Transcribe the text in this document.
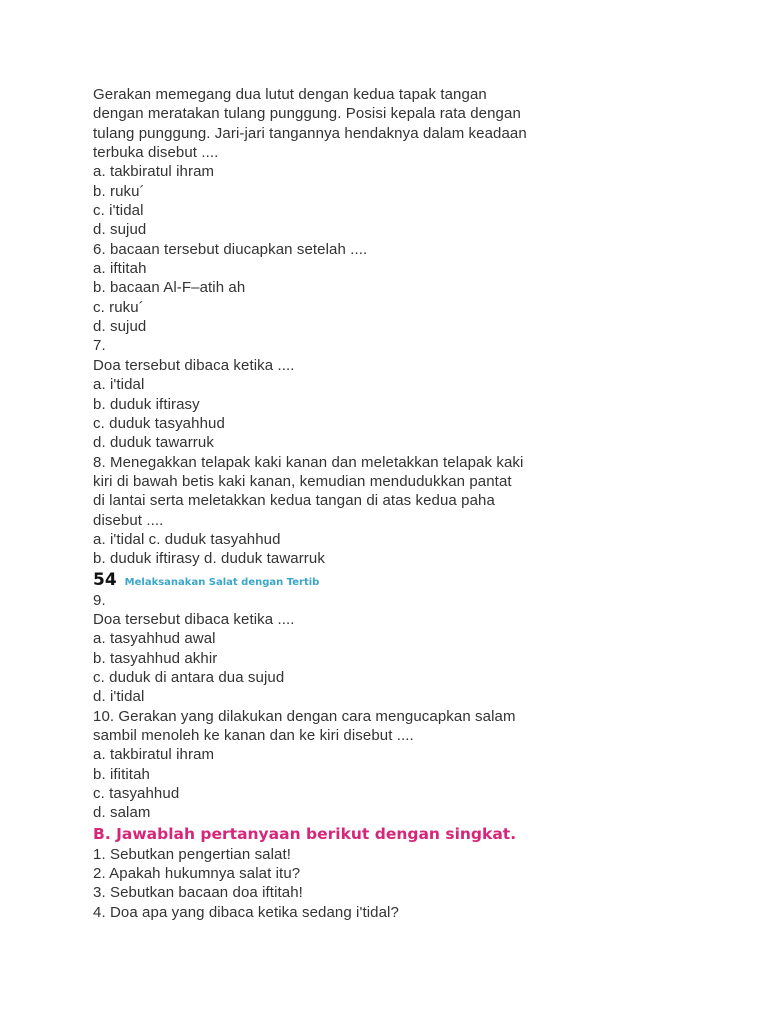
Gerakan memegang dua lutut dengan kedua tapak tangan
dengan meratakan tulang punggung. Posisi kepala rata dengan
tulang punggung. Jari-jari tangannya hendaknya dalam keadaan
terbuka disebut ....
a. takbiratul ihram
b. ruku´
c. i'tidal
d. sujud
6. bacaan tersebut diucapkan setelah ....
a. iftitah
b. bacaan Al-F–atih ah
c. ruku´
d. sujud
7.
Doa tersebut dibaca ketika ....
a. i'tidal
b. duduk iftirasy
c. duduk tasyahhud
d. duduk tawarruk
8. Menegakkan telapak kaki kanan dan meletakkan telapak kaki
kiri di bawah betis kaki kanan, kemudian mendudukkan pantat
di lantai serta meletakkan kedua tangan di atas kedua paha
disebut ....
a. i'tidal c. duduk tasyahhud
b. duduk iftirasy d. duduk tawarruk
54 Melaksanakan Salat dengan Tertib
9.
Doa tersebut dibaca ketika ....
a. tasyahhud awal
b. tasyahhud akhir
c. duduk di antara dua sujud
d. i'tidal
10. Gerakan yang dilakukan dengan cara mengucapkan salam
sambil menoleh ke kanan dan ke kiri disebut ....
a. takbiratul ihram
b. ifititah
c. tasyahhud
d. salam
B. Jawablah pertanyaan berikut dengan singkat.
1. Sebutkan pengertian salat!
2. Apakah hukumnya salat itu?
3. Sebutkan bacaan doa iftitah!
4. Doa apa yang dibaca ketika sedang i'tidal?
